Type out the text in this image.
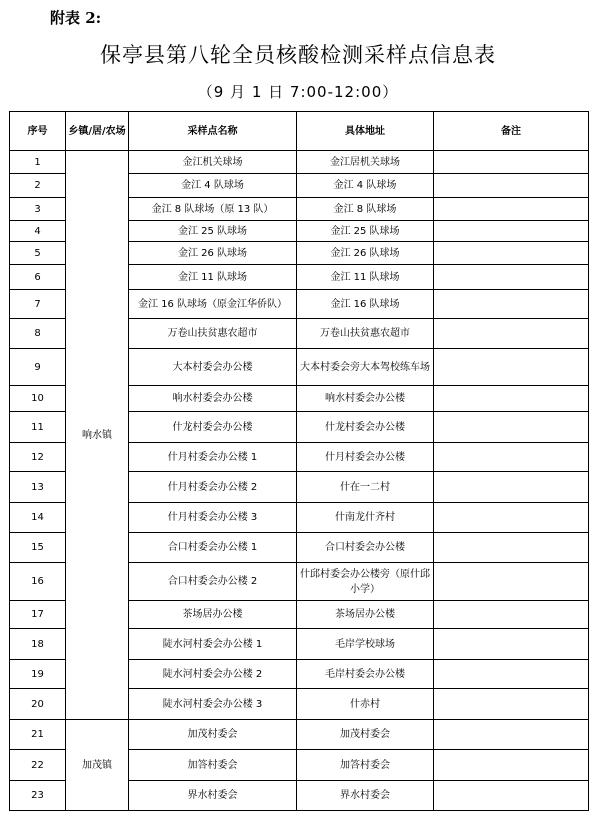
附表 2:
保亭县第八轮全员核酸检测采样点信息表
（9 月 1 日 7:00-12:00）
序号	乡镇/居/农场	采样点名称	具体地址	备注
1	响水镇	金江机关球场	金江居机关球场	
2		金江 4 队球场	金江 4 队球场	
3		金江 8 队球场（原 13 队）	金江 8 队球场	
4		金江 25 队球场	金江 25 队球场	
5		金江 26 队球场	金江 26 队球场	
6		金江 11 队球场	金江 11 队球场	
7		金江 16 队球场（原金江华侨队）	金江 16 队球场	
8		万卷山扶贫惠农超市	万卷山扶贫惠农超市	
9		大本村委会办公楼	大本村委会旁大本驾校练车场	
10		响水村委会办公楼	响水村委会办公楼	
11		什龙村委会办公楼	什龙村委会办公楼	
12		什月村委会办公楼 1	什月村委会办公楼	
13		什月村委会办公楼 2	什在一二村	
14		什月村委会办公楼 3	什南龙什齐村	
15		合口村委会办公楼 1	合口村委会办公楼	
16		合口村委会办公楼 2	什邱村委会办公楼旁（原什邱小学）	
17		茶场居办公楼	茶场居办公楼	
18		陡水河村委会办公楼 1	毛岸学校球场	
19		陡水河村委会办公楼 2	毛岸村委会办公楼	
20		陡水河村委会办公楼 3	什赤村	
21	加茂镇	加茂村委会	加茂村委会	
22		加答村委会	加答村委会	
23		界水村委会	界水村委会	
